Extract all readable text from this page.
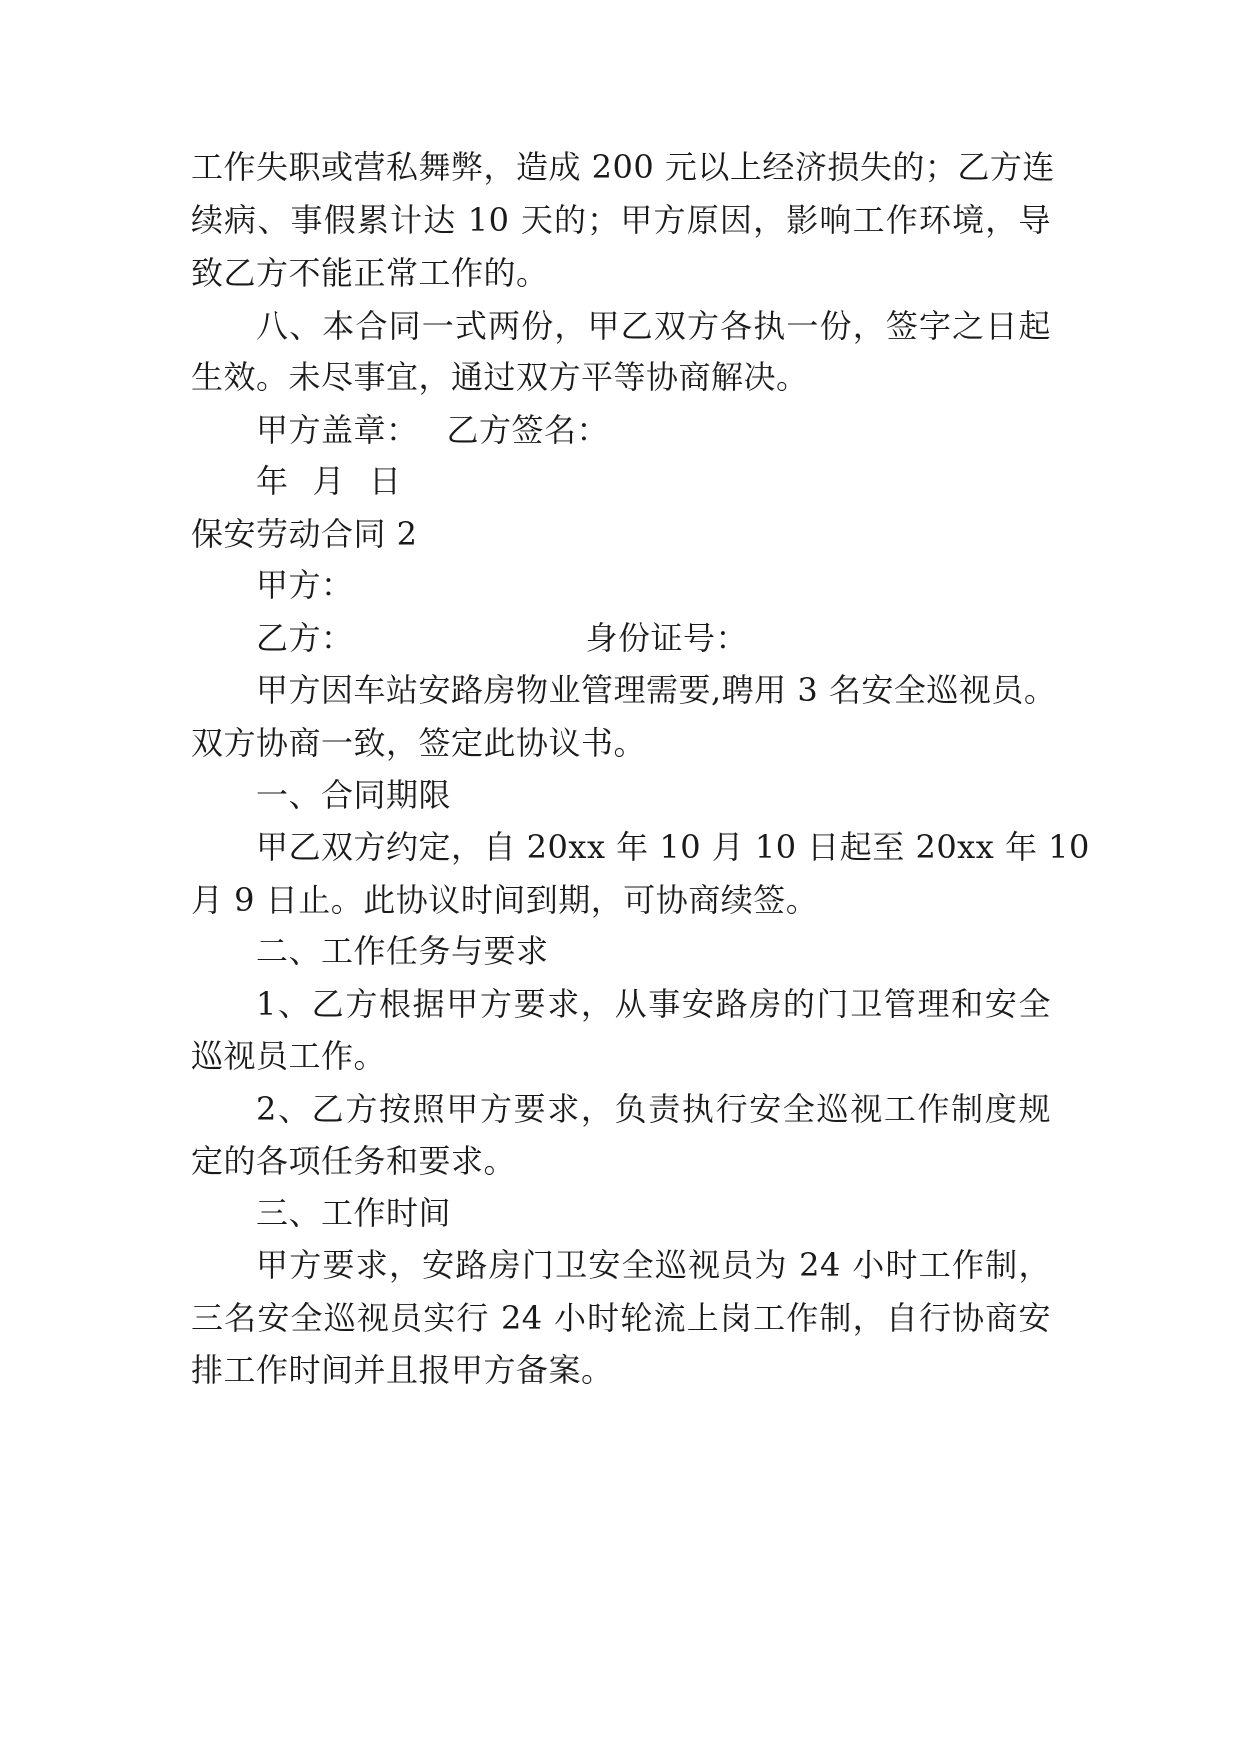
工作失职或营私舞弊，造成 200 元以上经济损失的；乙方连
续病、事假累计达 10 天的；甲方原因，影响工作环境，导
致乙方不能正常工作的。
八、本合同一式两份，甲乙双方各执一份，签字之日起
生效。未尽事宜，通过双方平等协商解决。
甲方盖章： 乙方签名：
年 月 日
保安劳动合同 2
甲方：
乙方：	身份证号：
甲方因车站安路房物业管理需要,聘用 3 名安全巡视员。
双方协商一致，签定此协议书。
一、合同期限
甲乙双方约定，自 20xx 年 10 月 10 日起至 20xx 年 10
月 9 日止。此协议时间到期，可协商续签。
二、工作任务与要求
1、乙方根据甲方要求，从事安路房的门卫管理和安全
巡视员工作。
2、乙方按照甲方要求，负责执行安全巡视工作制度规
定的各项任务和要求。
三、工作时间
甲方要求，安路房门卫安全巡视员为 24 小时工作制，
三名安全巡视员实行 24 小时轮流上岗工作制，自行协商安
排工作时间并且报甲方备案。
